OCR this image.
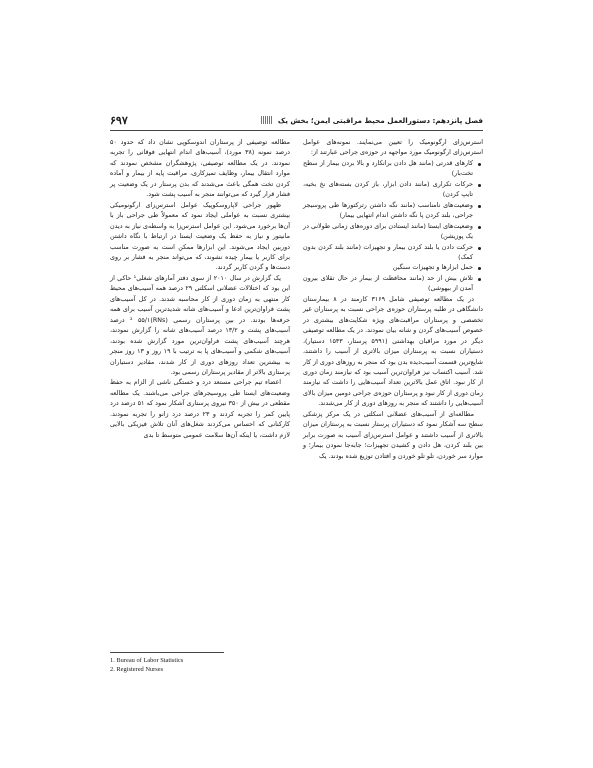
۶۹۷	فصل پانزدهم: دستورالعمل محیط مراقبتی ایمن؛ بخش یک

استرس‌زای ارگونومیک را تعیین می‌نمایند. نمونه‌های عوامل استرس‌زای ارگونومیک مورد مواجهه در حوزه‌ی جراحی عبارتند از:

کارهای قدرتی (مانند هل دادن برانکارد و بالا بردن بیمار از سطح تخت‌بار)
حرکات تکراری (مانند دادن ابزار، باز کردن بسته‌های نخ بخیه، تایپ کردن)
وضعیت‌های نامناسب (مانند نگه داشتن رترکتورها طی پروسیجر جراحی، بلند کردن پا نگه داشتن اندام انتهایی بیمار)
وضعیت‌های ایستا (مانند ایستادن برای دوره‌های زمانی طولانی در یک پوزیشن)
حرکت دادن یا بلند کردن بیمار و تجهیزات (مانند بلند کردن بدون کمک)
حمل ابزارها و تجهیزات سنگین
تلاش بیش از حد (مانند محافظت از بیمار در حال تقلای بیرون آمدن از بیهوشی)

در یک مطالعه توصیفی شامل ۳۱۶۹ کارمند در ۸ بیمارستان دانشگاهی در طلبه پرستاران حوزه‌ی جراحی نسبت به پرستاران غیر تخصصی و پرستاران مراقبت‌های ویژه شکایت‌های بیشتری در خصوص آسیب‌های گردن و شانه بیان نمودند. در یک مطالعه توصیفی دیگر در مورد مراقبان بهداشتی (۵۹۹۱ پرستار، ۱۵۴۳ دستیار)، دستیاران نسبت به پرستاران میزان بالاتری از آسیب را داشتند، شایع‌ترین قسمت آسیب‌دیده بدن بود که منجر به روزهای دوری از کار شد. آسیب اکتساب نیز فراوان‌ترین آسیب بود که نیازمند زمان دوری از کار نبود. اتاق عمل بالاترین تعداد آسیب‌هایی را داشت که نیازمند زمان دوری از کار نبود و پرستاران حوزه‌ی جراحی دومین میزان بالای آسیب‌هایی را داشتند که منجر به روزهای دوری از کار می‌شدند.

مطالعه‌ای از آسیب‌های عضلانی اسکلتی در یک مرکز پزشکی سطح سه آشکار نمود که دستیاران پرستار نسبت به پرستاران میزان بالاتری از آسیب داشتند و عوامل استرس‌زای آسیب به صورت برابر بین بلند کردن، هل دادن و کشیدن تجهیزات؛ جابه‌جا نمودن بیمار؛ و موارد سر خوردن، تلو تلو خوردن و افتادن توزیع شده بودند. یک

مطالعه توصیفی از پرستاران اندوسکوپی نشان داد که حدود ۵۰ درصد نمونه (۳۸ مورد)، آسیب‌های اندام انتهایی فوقانی را تجربه نمودند. در یک مطالعه توصیفی، پژوهشگران مشخص نمودند که موارد انتقال بیمار، وظایف تمیزکاری، مراقبت پایه از بیمار و آماده کردن تخت همگی باعث می‌شدند که بدن پرستار در یک وضعیت پر فشار قرار گیرد که می‌توانند منجر به آسیب پشت شود.

ظهور جراحی لاپاروسکوپیک عوامل استرس‌زای ارگونومیکی بیشتری نسبت به عواملی ایجاد نمود که معمولاً طی جراحی باز با آن‌ها برخورد می‌شود. این عوامل استرس‌زا به واسطه‌ی نیاز به دیدن مانیتور و نیاز به حفظ یک وضعیت ایستا در ارتباط با نگاه داشتن دوربین ایجاد می‌شوند. این ابزارها ممکن است به صورت مناسب برای کاربر یا بیمار چیده نشوند، که می‌تواند منجر به فشار بر روی دست‌ها و گردن کاربر گردند.

یک گزارش در سال ۲۰۱۰ از سوی دفتر آمارهای شغلی¹ حاکی از این بود که اختلالات عضلانی اسکلتی ۲۹ درصد همه آسیب‌های محیط کار منتهی به زمان دوری از کار محاسبه شدند. در کل آسیب‌های پشت فراوان‌ترین ادعا و آسیب‌های شانه شدیدترین آسیب برای همه حرفه‌ها بودند. در بین پرستاران رسمی (RNs)² ۵۵/۱ درصد آسیب‌های پشت و ۱۳/۲ درصد آسیب‌های شانه را گزارش نمودند، هرچند آسیب‌های پشت فراوان‌ترین مورد گزارش شده بودند، آسیب‌های شکمی و آسیب‌های پا به ترتیب با ۱۹ روز و ۱۳ روز منجر به بیشترین تعداد روزهای دوری از کار شدند، مقادیر دستیاران پرستاری بالاتر از مقادیر پرستاران رسمی بود.

اعضاء تیم جراحی مستعد درد و خستگی ناشی از الزام به حفظ وضعیت‌های ایستا طی پروسیجرهای جراحی می‌باشند. یک مطالعه مقطعی در بیش از ۳۵۰ نیروی پرستاری آشکار نمود که ۵۱ درصد درد پایین کمر را تجربه کردند و ۲۳ درصد درد زانو را تجربه نمودند. کارکنانی که احساس می‌کردند شغل‌های آنان تلاش فیزیکی بالایی لازم داشت، یا اینکه آن‌ها سلامت عمومی متوسط تا بدی

1. Bureau of Labor Statistics
2. Registered Nurses
